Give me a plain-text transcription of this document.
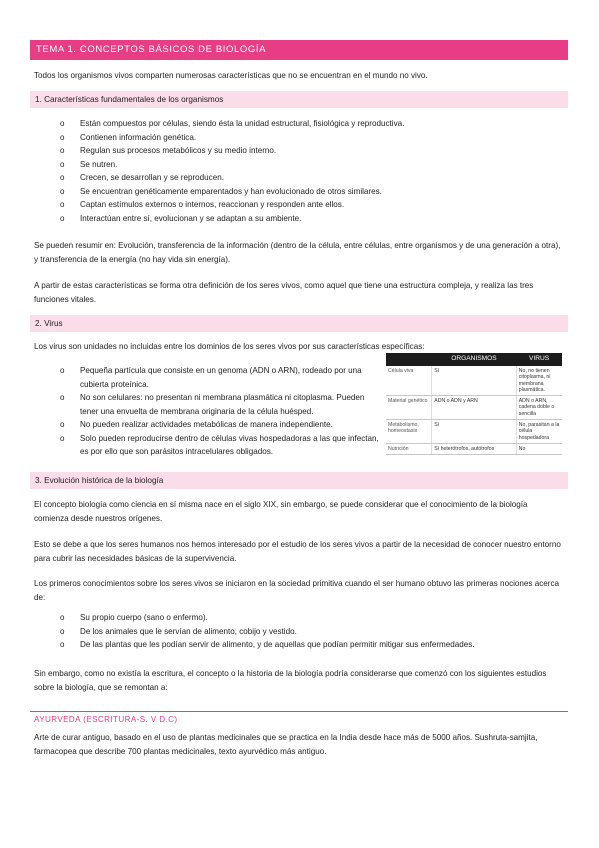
TEMA 1. CONCEPTOS BÁSICOS DE BIOLOGÍA
Todos los organismos vivos comparten numerosas características que no se encuentran en el mundo no vivo.
1. Características fundamentales de los organismos
o Están compuestos por células, siendo ésta la unidad estructural, fisiológica y reproductiva.
o Contienen información genética.
o Regulan sus procesos metabólicos y su medio interno.
o Se nutren.
o Crecen, se desarrollan y se reproducen.
o Se encuentran genéticamente emparentados y han evolucionado de otros similares.
o Captan estímulos externos o internos, reaccionan y responden ante ellos.
o Interactúan entre sí, evolucionan y se adaptan a su ambiente.
Se pueden resumir en: Evolución, transferencia de la información (dentro de la célula, entre células, entre organismos y de una generación a otra), y transferencia de la energía (no hay vida sin energía).
A partir de estas características se forma otra definición de los seres vivos, como aquel que tiene una estructura compleja, y realiza las tres funciones vitales.
2. Virus
Los virus son unidades no incluidas entre los dominios de los seres vivos por sus características específicas:
o Pequeña partícula que consiste en un genoma (ADN o ARN), rodeado por una cubierta proteínica.
o No son celulares: no presentan ni membrana plasmática ni citoplasma. Pueden tener una envuelta de membrana originaria de la célula huésped.
o No pueden realizar actividades metabólicas de manera independiente.
o Solo pueden reproducirse dentro de células vivas hospedadoras a las que infectan, es por ello que son parásitos intracelulares obligados.
	ORGANISMOS	VIRUS
Célula viva	Sí	No, no tienen citoplasma, ni membrana plasmática.
Material genético	ADN o ADN y ARN	ADN o ARN, cadena doble o sencilla
Metabolismo, homeostasis	Sí	No, parasitan a la célula hospedadora
Nutrición	Sí heterótrofos, autótrofos	No
3. Evolución histórica de la biología
El concepto biología como ciencia en sí misma nace en el siglo XIX, sin embargo, se puede considerar que el conocimiento de la biología comienza desde nuestros orígenes.
Esto se debe a que los seres humanos nos hemos interesado por el estudio de los seres vivos a partir de la necesidad de conocer nuestro entorno para cubrir las necesidades básicas de la supervivencia.
Los primeros conocimientos sobre los seres vivos se iniciaron en la sociedad primitiva cuando el ser humano obtuvo las primeras nociones acerca de:
o Su propio cuerpo (sano o enfermo).
o De los animales que le servían de alimento, cobijo y vestido.
o De las plantas que les podían servir de alimento, y de aquellas que podían permitir mitigar sus enfermedades.
Sin embargo, como no existía la escritura, el concepto o la historia de la biología podría considerarse que comenzó con los siguientes estudios sobre la biología, que se remontan a:
AYURVEDA (ESCRITURA-S. V D.C)
Arte de curar antiguo, basado en el uso de plantas medicinales que se practica en la India desde hace más de 5000 años. Sushruta-samjita, farmacopea que describe 700 plantas medicinales, texto ayurvédico más antiguo.
